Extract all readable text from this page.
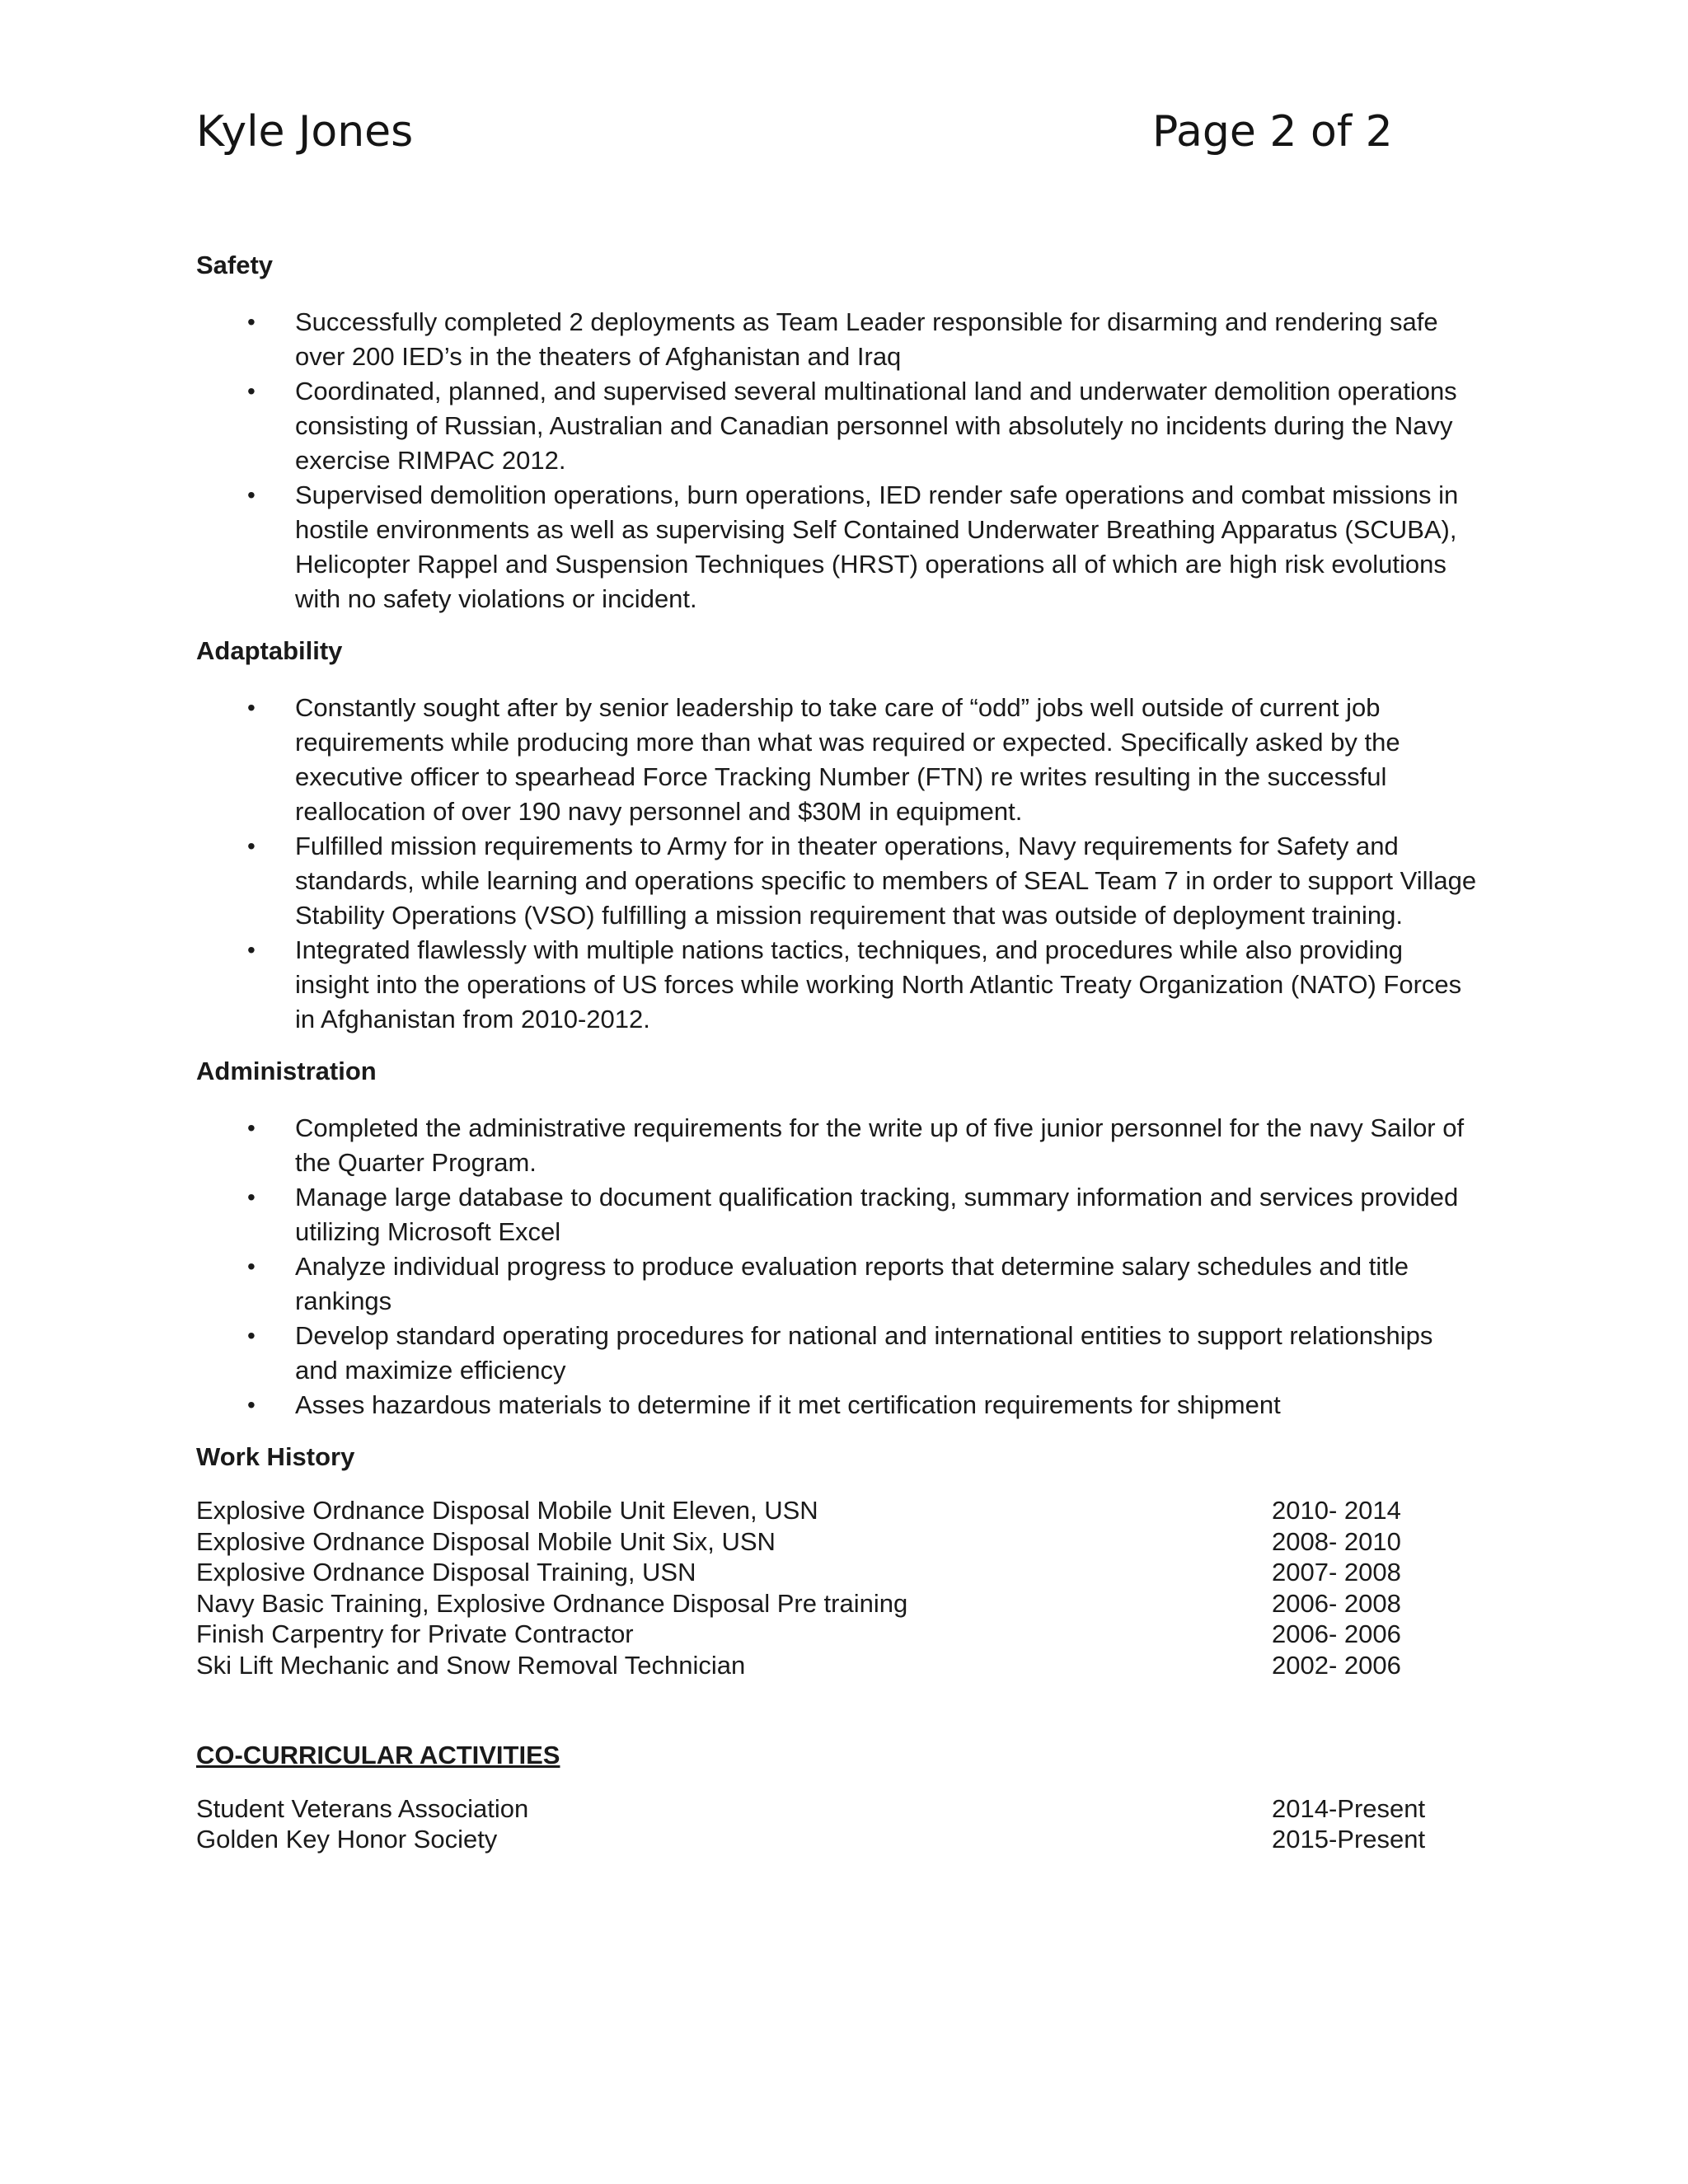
Kyle Jones	Page 2 of 2
Safety
• Successfully completed 2 deployments as Team Leader responsible for disarming and rendering safe over 200 IED’s in the theaters of Afghanistan and Iraq
• Coordinated, planned, and supervised several multinational land and underwater demolition operations consisting of Russian, Australian and Canadian personnel with absolutely no incidents during the Navy exercise RIMPAC 2012.
• Supervised demolition operations, burn operations, IED render safe operations and combat missions in hostile environments as well as supervising Self Contained Underwater Breathing Apparatus (SCUBA), Helicopter Rappel and Suspension Techniques (HRST) operations all of which are high risk evolutions with no safety violations or incident.
Adaptability
• Constantly sought after by senior leadership to take care of “odd” jobs well outside of current job requirements while producing more than what was required or expected. Specifically asked by the executive officer to spearhead Force Tracking Number (FTN) re writes resulting in the successful reallocation of over 190 navy personnel and $30M in equipment.
• Fulfilled mission requirements to Army for in theater operations, Navy requirements for Safety and standards, while learning and operations specific to members of SEAL Team 7 in order to support Village Stability Operations (VSO) fulfilling a mission requirement that was outside of deployment training.
• Integrated flawlessly with multiple nations tactics, techniques, and procedures while also providing insight into the operations of US forces while working North Atlantic Treaty Organization (NATO) Forces in Afghanistan from 2010-2012.
Administration
• Completed the administrative requirements for the write up of five junior personnel for the navy Sailor of the Quarter Program.
• Manage large database to document qualification tracking, summary information and services provided utilizing Microsoft Excel
• Analyze individual progress to produce evaluation reports that determine salary schedules and title rankings
• Develop standard operating procedures for national and international entities to support relationships and maximize efficiency
• Asses hazardous materials to determine if it met certification requirements for shipment
Work History
Explosive Ordnance Disposal Mobile Unit Eleven, USN	2010- 2014
Explosive Ordnance Disposal Mobile Unit Six, USN	2008- 2010
Explosive Ordnance Disposal Training, USN	2007- 2008
Navy Basic Training, Explosive Ordnance Disposal Pre training	2006- 2008
Finish Carpentry for Private Contractor	2006- 2006
Ski Lift Mechanic and Snow Removal Technician	2002- 2006
CO-CURRICULAR ACTIVITIES
Student Veterans Association	2014-Present
Golden Key Honor Society	2015-Present
